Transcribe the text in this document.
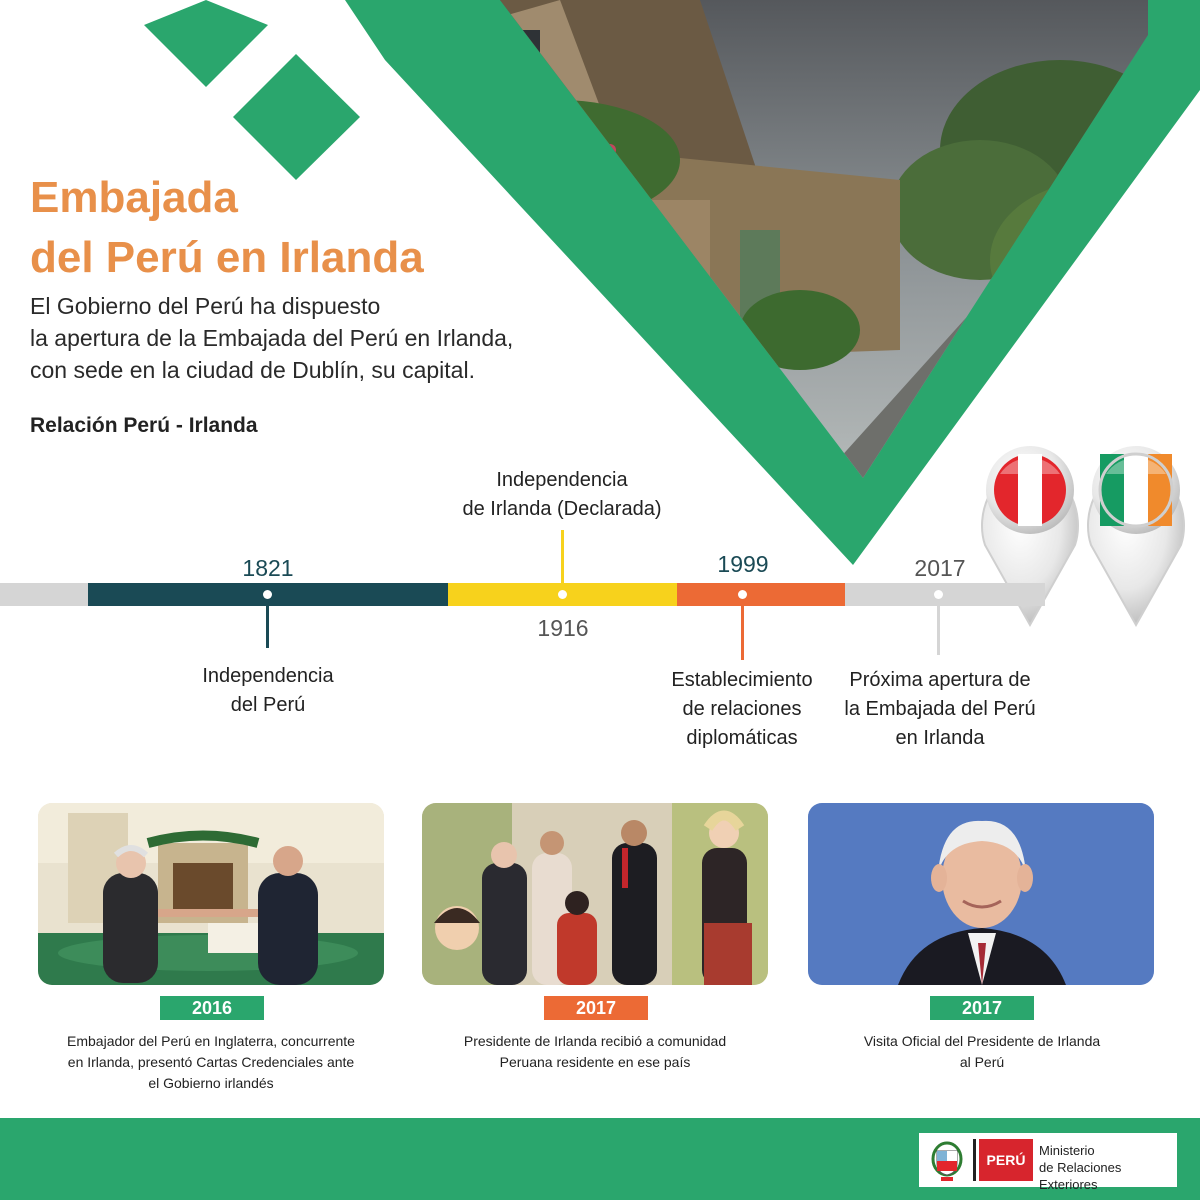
Embajada
del Perú en Irlanda
El Gobierno del Perú ha dispuesto
la apertura de la Embajada del Perú en Irlanda,
con sede en la ciudad de Dublín, su capital.
Relación Perú - Irlanda
1821
1916
1999	2017
Independencia
del Perú
Independencia
de Irlanda (Declarada)
Establecimiento
de relaciones
diplomáticas
Próxima apertura de
la Embajada del Perú
en Irlanda
2016
Embajador del Perú en Inglaterra, concurrente
en Irlanda, presentó Cartas Credenciales ante
el Gobierno irlandés
2017
Presidente de Irlanda recibió a comunidad
Peruana residente en ese país
2017
Visita Oficial del Presidente de Irlanda
al Perú
PERÚ
Ministerio
de Relaciones Exteriores
